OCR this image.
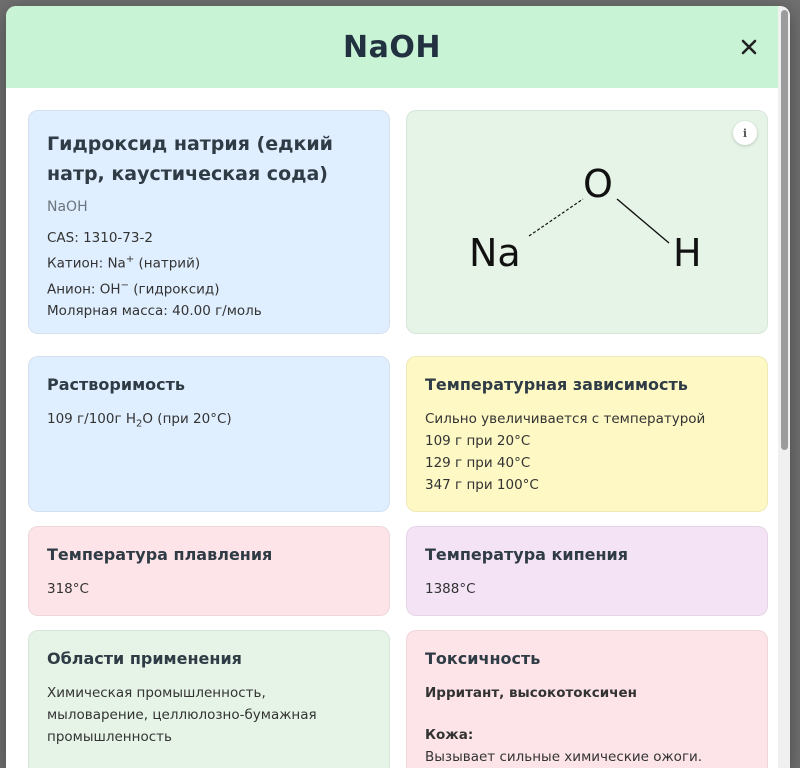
NaOH
Гидроксид натрия (едкий натр, каустическая сода)
NaOH
CAS: 1310-73-2
Катион: Na+ (натрий)
Анион: OH− (гидроксид)
Молярная масса: 40.00 г/моль
i
Na
O
H
Растворимость

109 г/100г $H_2O$ (при 20°C)

Температурная зависимость
Сильно увеличивается с температурой
109 г при 20°C
129 г при 40°C
347 г при 100°C
Температура плавления

318°C

Температура кипения

1388°C

Области применения

Химическая промышленность, мыловарение, целлюлозно-бумажная промышленность

Токсичность

Ирритант, высокотоксичен

Кожа:

Вызывает сильные химические ожоги.
